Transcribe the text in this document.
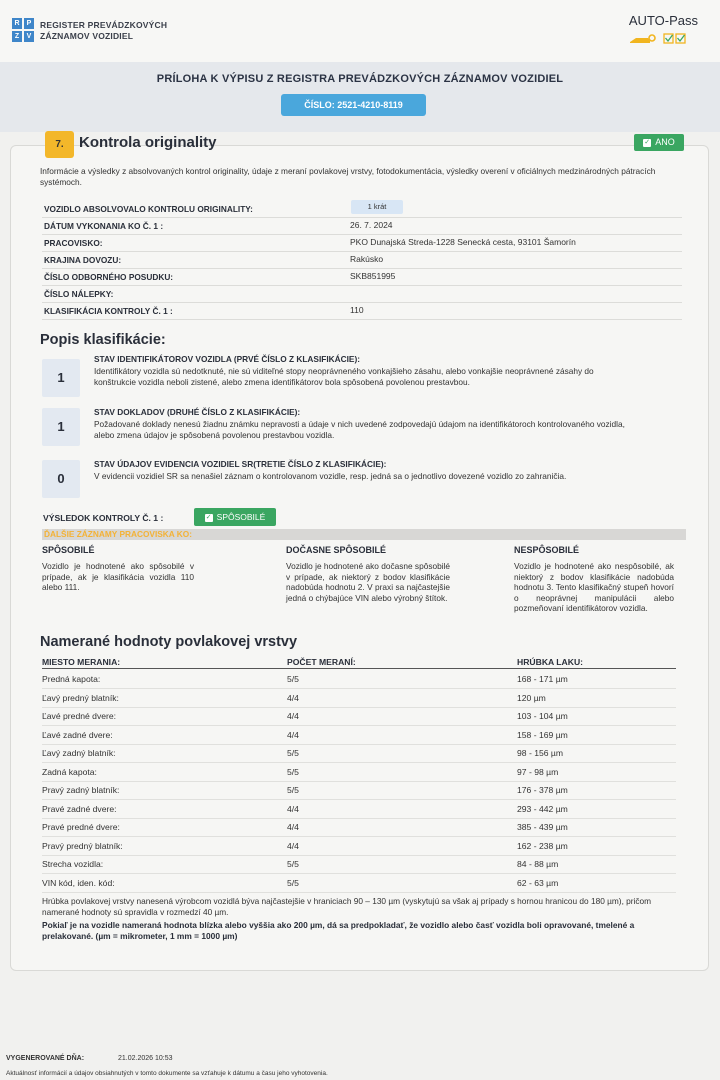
R	P
Z	V
REGISTER PREVÁDZKOVÝCH
ZÁZNAMOV VOZIDIEL
AUTO-Pass
PRÍLOHA K VÝPISU Z REGISTRA PREVÁDZKOVÝCH ZÁZNAMOV VOZIDIEL
ČÍSLO: 2521-4210-8119
7.	Kontrola originality	✓ ANO
Informácie a výsledky z absolvovaných kontrol originality, údaje z meraní povlakovej vrstvy, fotodokumentácia, výsledky overení v oficiálnych medzinárodných pátracích systémoch.
VOZIDLO ABSOLVOVALO KONTROLU ORIGINALITY:	1 krát
DÁTUM VYKONANIA KO Č. 1 :	26. 7. 2024
PRACOVISKO:	PKO Dunajská Streda-1228 Senecká cesta, 93101 Šamorín
KRAJINA DOVOZU:	Rakúsko
ČÍSLO ODBORNÉHO POSUDKU:	SKB851995
ČÍSLO NÁLEPKY:
KLASIFIKÁCIA KONTROLY Č. 1 :	110
Popis klasifikácie:
1
STAV IDENTIFIKÁTOROV VOZIDLA (PRVÉ ČÍSLO Z KLASIFIKÁCIE):
Identifikátory vozidla sú nedotknuté, nie sú viditeľné stopy neoprávneného vonkajšieho zásahu, alebo vonkajšie neoprávnené zásahy do konštrukcie vozidla neboli zistené, alebo zmena identifikátorov bola spôsobená povolenou prestavbou.
1
STAV DOKLADOV (DRUHÉ ČÍSLO Z KLASIFIKÁCIE):
Požadované doklady nenesú žiadnu známku nepravosti a údaje v nich uvedené zodpovedajú údajom na identifikátoroch kontrolovaného vozidla, alebo zmena údajov je spôsobená povolenou prestavbou vozidla.
0
STAV ÚDAJOV EVIDENCIA VOZIDIEL SR(TRETIE ČÍSLO Z KLASIFIKÁCIE):
V evidencii vozidiel SR sa nenašiel záznam o kontrolovanom vozidle, resp. jedná sa o jednotlivo dovezené vozidlo zo zahraničia.
VÝSLEDOK KONTROLY Č. 1 :	✓ SPÔSOBILÉ
ĎALŠIE ZÁZNAMY PRACOVISKA KO:
SPÔSOBILÉ
Vozidlo je hodnotené ako spôsobilé v prípade, ak je klasifikácia vozidla 110 alebo 111.
DOČASNE SPÔSOBILÉ
Vozidlo je hodnotené ako dočasne spôsobilé v prípade, ak niektorý z bodov klasifikácie nadobúda hodnotu 2. V praxi sa najčastejšie jedná o chýbajúce VIN alebo výrobný štítok.
NESPÔSOBILÉ
Vozidlo je hodnotené ako nespôsobilé, ak niektorý z bodov klasifikácie nadobúda hodnotu 3. Tento klasifikačný stupeň hovorí o neoprávnej manipulácii alebo pozmeňovaní identifikátorov vozidla.
Namerané hodnoty povlakovej vrstvy
MIESTO MERANIA:	POČET MERANÍ:	HRÚBKA LAKU:
Predná kapota:	5/5	168 - 171 µm
Ľavý predný blatník:	4/4	120 µm
Ľavé predné dvere:	4/4	103 - 104 µm
Ľavé zadné dvere:	4/4	158 - 169 µm
Ľavý zadný blatník:	5/5	98 - 156 µm
Zadná kapota:	5/5	97 - 98 µm
Pravý zadný blatník:	5/5	176 - 378 µm
Pravé zadné dvere:	4/4	293 - 442 µm
Pravé predné dvere:	4/4	385 - 439 µm
Pravý predný blatník:	4/4	162 - 238 µm
Strecha vozidla:	5/5	84 - 88 µm
VIN kód, iden. kód:	5/5	62 - 63 µm
Hrúbka povlakovej vrstvy nanesená výrobcom vozidlá býva najčastejšie v hraniciach 90 – 130 µm (vyskytujú sa však aj prípady s hornou hranicou do 180 µm), pričom namerané hodnoty sú spravidla v rozmedzí 40 µm.
Pokiaľ je na vozidle nameraná hodnota blízka alebo vyššia ako 200 µm, dá sa predpokladať, že vozidlo alebo časť vozidla boli opravované, tmelené a prelakované. (µm = mikrometer, 1 mm = 1000 µm)
VYGENEROVANÉ DŇA:	21.02.2026 10:53
Aktuálnosť informácií a údajov obsiahnutých v tomto dokumente sa vzťahuje k dátumu a času jeho vyhotovenia.
